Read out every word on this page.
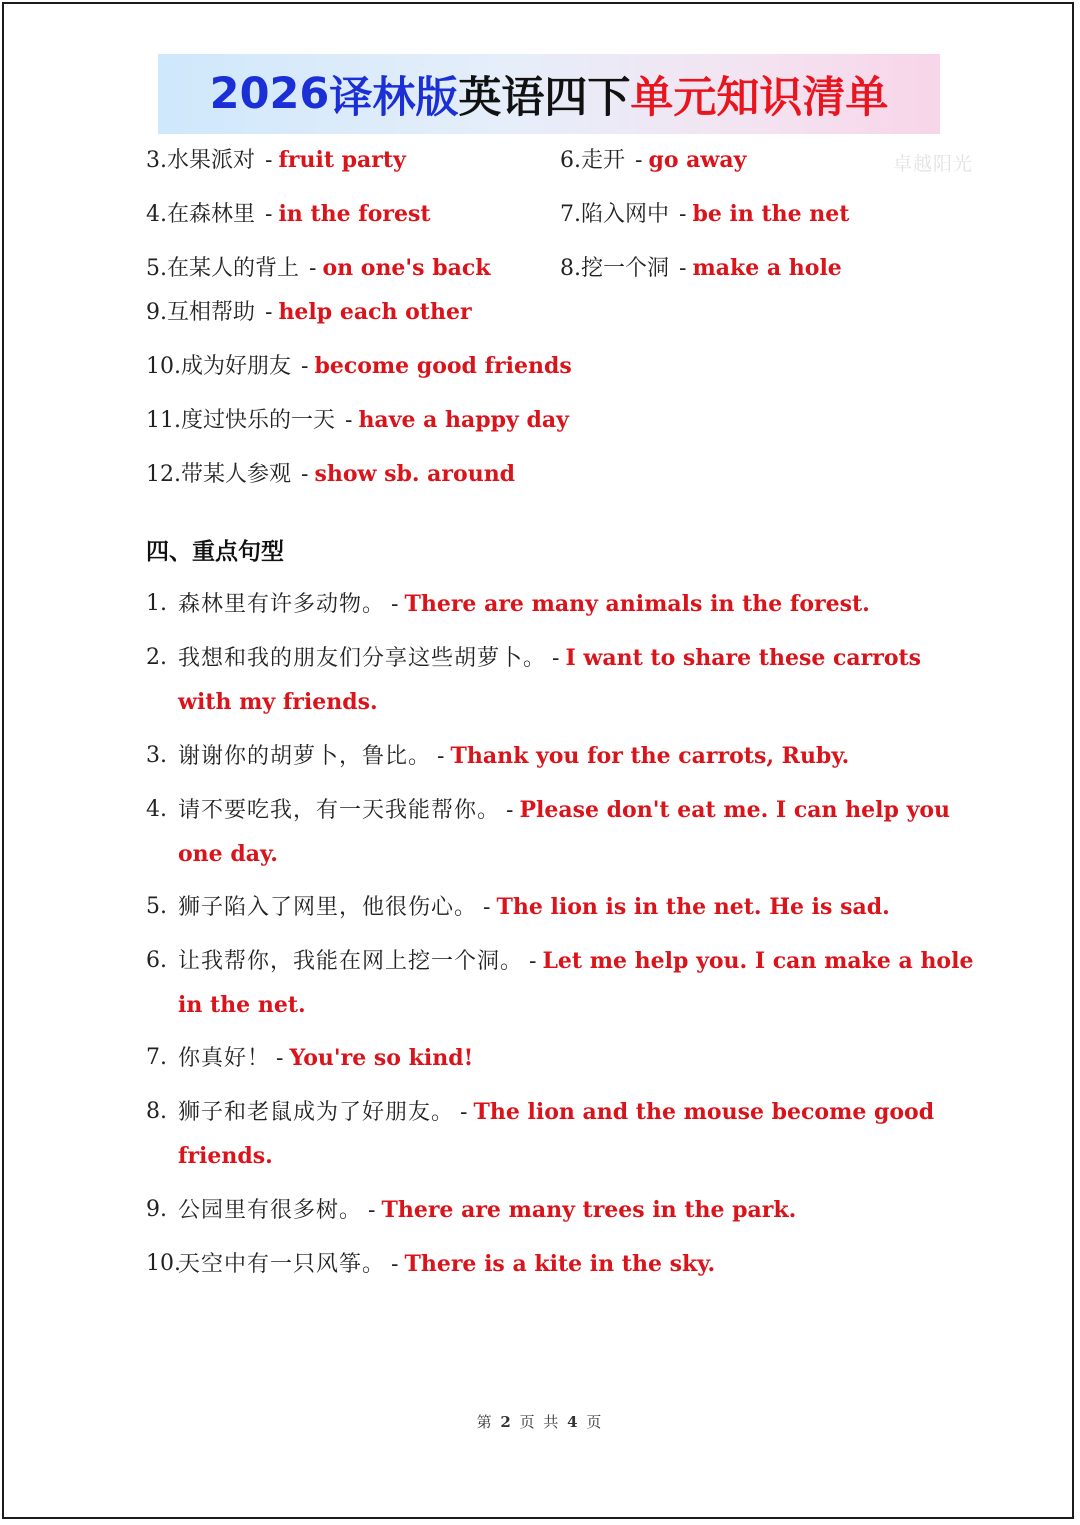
2026 译林版 英语四下 单元知识清单
卓越阳光
3.水果派对 - fruit party	6.走开 - go away
4.在森林里 - in the forest	7.陷入网中 - be in the net
5.在某人的背上 - on one's back	8.挖一个洞 - make a hole
9.互相帮助 - help each other
10.成为好朋友 - become good friends
11.度过快乐的一天 - have a happy day
12.带某人参观 - show sb. around
四、重点句型
1. 森林里有许多动物。 - There are many animals in the forest.
2. 我想和我的朋友们分享这些胡萝卜。 - I want to share these carrots
with my friends.
3. 谢谢你的胡萝卜，鲁比。 - Thank you for the carrots, Ruby.
4. 请不要吃我，有一天我能帮你。 - Please don't eat me. I can help you
one day.
5. 狮子陷入了网里，他很伤心。 - The lion is in the net. He is sad.
6. 让我帮你，我能在网上挖一个洞。 - Let me help you. I can make a hole
in the net.
7. 你真好！ - You're so kind!
8. 狮子和老鼠成为了好朋友。 - The lion and the mouse become good
friends.
9. 公园里有很多树。 - There are many trees in the park.
10.
天空中有一只风筝。 - There is a kite in the sky.
第 2 页 共 4 页
